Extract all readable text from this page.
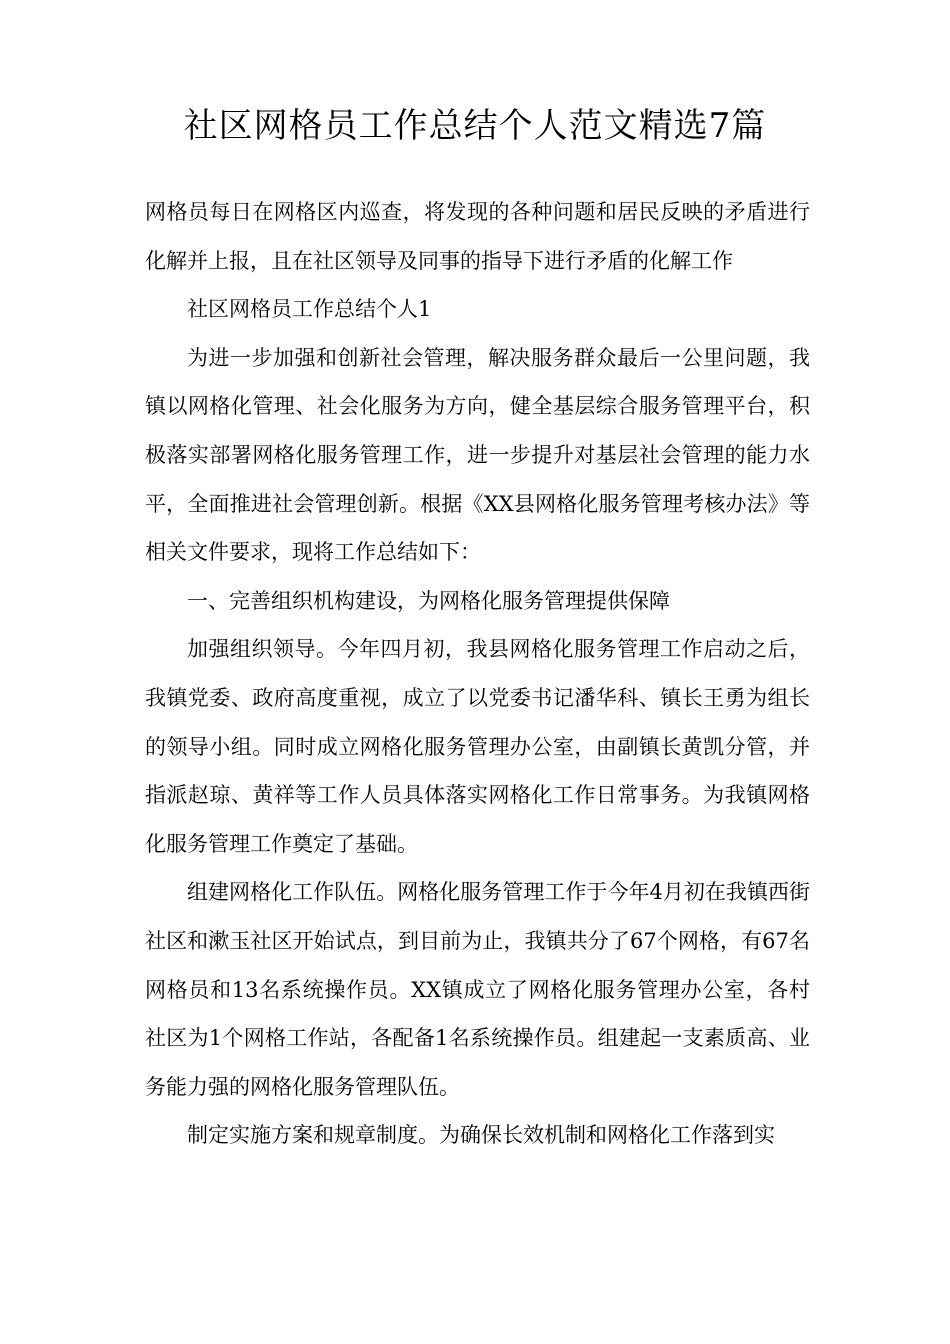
社区网格员工作总结个人范文精选7篇

网格员每日在网格区内巡查，将发现的各种问题和居民反映的矛盾进行化解并上报，且在社区领导及同事的指导下进行矛盾的化解工作

社区网格员工作总结个人1

为进一步加强和创新社会管理，解决服务群众最后一公里问题，我镇以网格化管理、社会化服务为方向，健全基层综合服务管理平台，积极落实部署网格化服务管理工作，进一步提升对基层社会管理的能力水平，全面推进社会管理创新。根据《XX县网格化服务管理考核办法》等相关文件要求，现将工作总结如下：

一、完善组织机构建设，为网格化服务管理提供保障

加强组织领导。今年四月初，我县网格化服务管理工作启动之后，我镇党委、政府高度重视，成立了以党委书记潘华科、镇长王勇为组长的领导小组。同时成立网格化服务管理办公室，由副镇长黄凯分管，并指派赵琼、黄祥等工作人员具体落实网格化工作日常事务。为我镇网格化服务管理工作奠定了基础。

组建网格化工作队伍。网格化服务管理工作于今年4月初在我镇西街社区和漱玉社区开始试点，到目前为止，我镇共分了67个网格，有67名网格员和13名系统操作员。XX镇成立了网格化服务管理办公室，各村社区为1个网格工作站，各配备1名系统操作员。组建起一支素质高、业务能力强的网格化服务管理队伍。

制定实施方案和规章制度。为确保长效机制和网格化工作落到实
